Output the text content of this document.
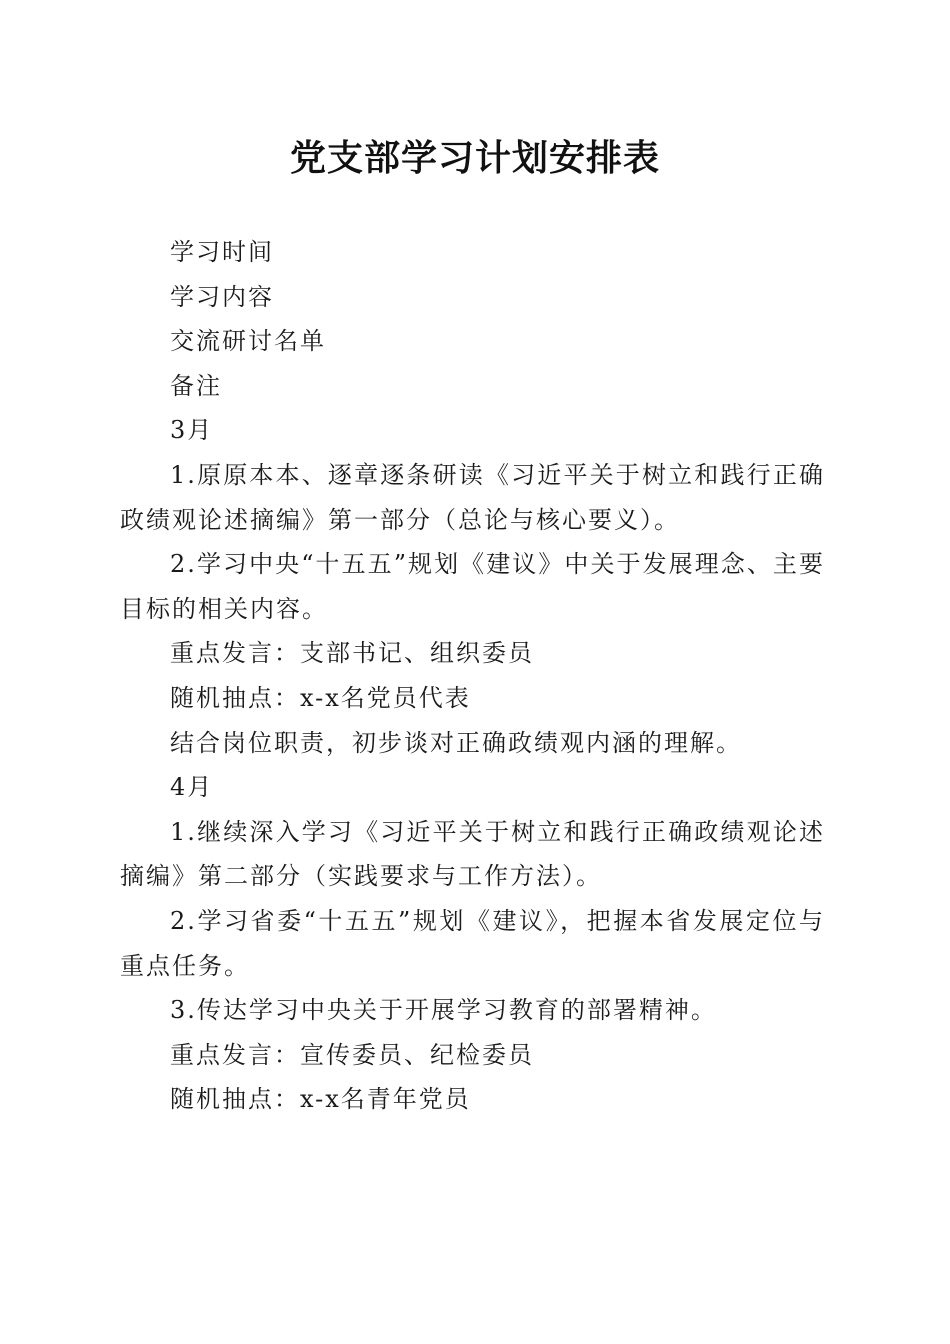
党支部学习计划安排表

学习时间

学习内容

交流研讨名单

备注

3月

1.原原本本、逐章逐条研读《习近平关于树立和践行正确政绩观论述摘编》第一部分（总论与核心要义）。

2.学习中央“十五五”规划《建议》中关于发展理念、主要目标的相关内容。

重点发言：支部书记、组织委员

随机抽点：x-x名党员代表

结合岗位职责，初步谈对正确政绩观内涵的理解。

4月

1.继续深入学习《习近平关于树立和践行正确政绩观论述摘编》第二部分（实践要求与工作方法）。

2.学习省委“十五五”规划《建议》，把握本省发展定位与重点任务。

3.传达学习中央关于开展学习教育的部署精神。

重点发言：宣传委员、纪检委员

随机抽点：x-x名青年党员
